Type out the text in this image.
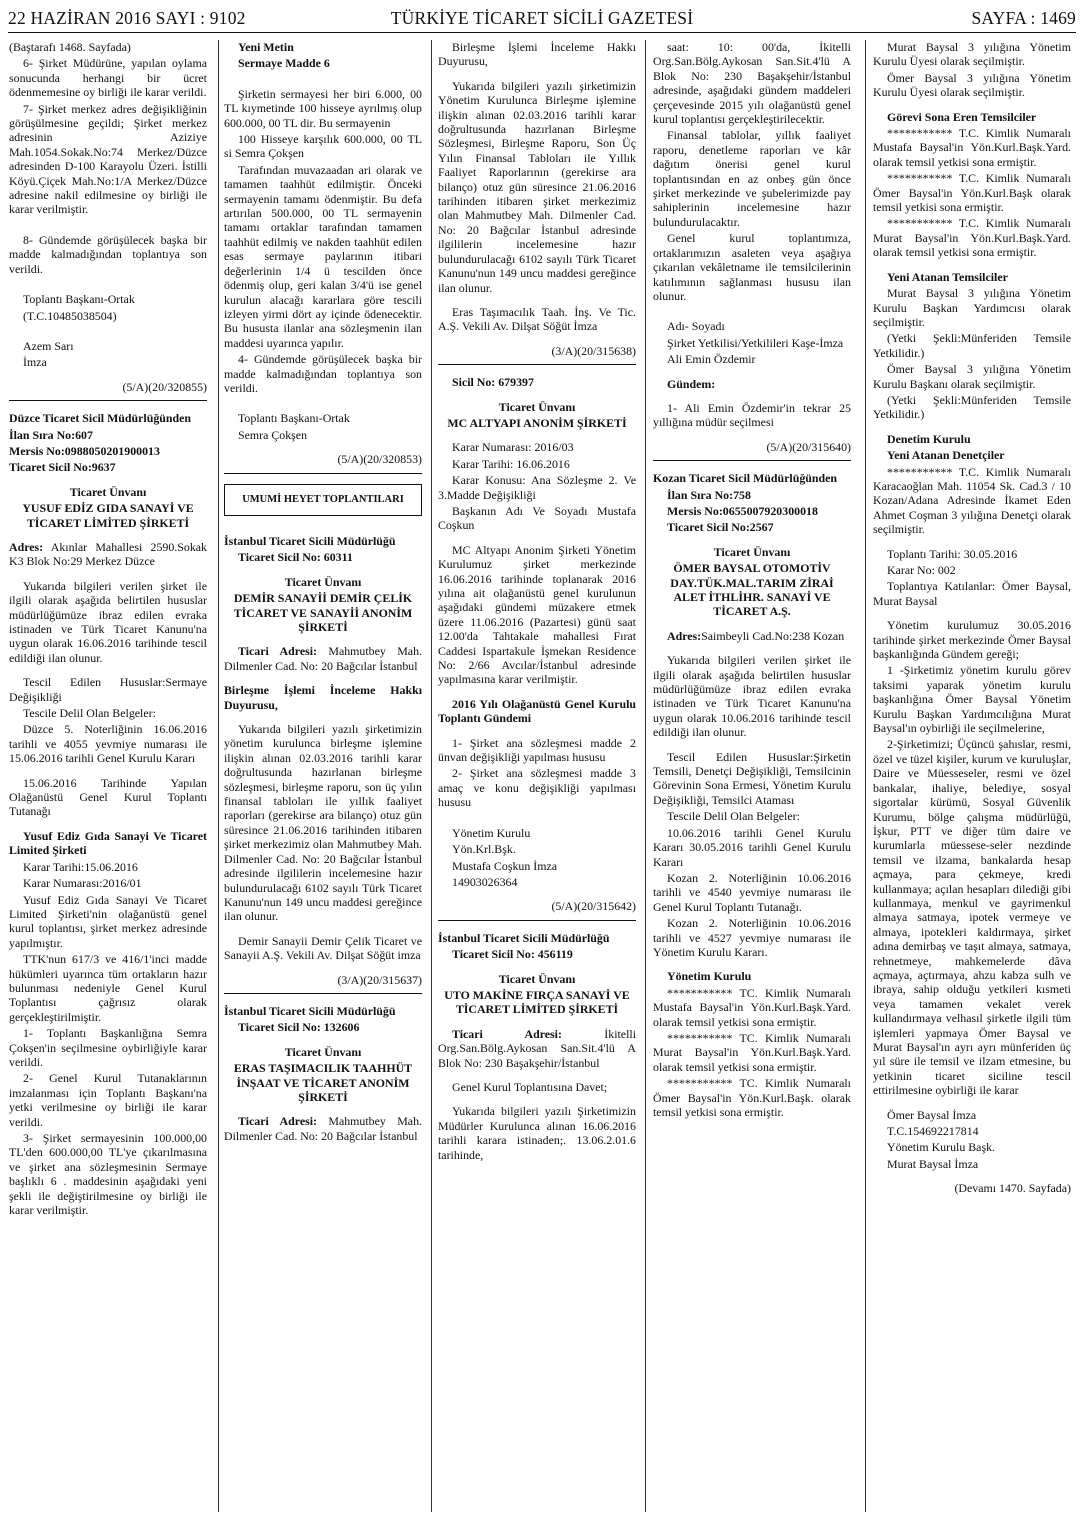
22 HAZİRAN 2016 SAYI : 9102	TÜRKİYE TİCARET SİCİLİ GAZETESİ	SAYFA : 1469

(Baştarafı 1468. Sayfada)

6- Şirket Müdürüne, yapılan oylama sonucunda herhangi bir ücret ödenmemesine oy birliği ile karar verildi.

7- Şirket merkez adres değişikliğinin görüşülmesine geçildi; Şirket merkez adresinin Aziziye Mah.1054.Sokak.No:74 Merkez/Düzce adresinden D-100 Karayolu Üzeri. İstilli Köyü.Çiçek Mah.No:1/A Merkez/Düzce adresine nakil edilmesine oy birliği ile karar verilmiştir.

8- Gündemde görüşülecek başka bir madde kalmadığından toplantıya son verildi.

Toplantı Başkanı-Ortak

(T.C.10485038504)

Azem Sarı

İmza

(5/A)(20/320855)

Düzce Ticaret Sicil Müdürlüğünden

İlan Sıra No:607

Mersis No:0988050201900013

Ticaret Sicil No:9637

Ticaret Ünvanı

YUSUF EDİZ GIDA SANAYİ VE TİCARET LİMİTED ŞİRKETİ

Adres: Akınlar Mahallesi 2590.Sokak K3 Blok No:29 Merkez Düzce

Yukarıda bilgileri verilen şirket ile ilgili olarak aşağıda belirtilen hususlar müdürlüğümüze ibraz edilen evraka istinaden ve Türk Ticaret Kanunu'na uygun olarak 16.06.2016 tarihinde tescil edildiği ilan olunur.

Tescil Edilen Hususlar:Sermaye Değişikliği

Tescile Delil Olan Belgeler:

Düzce 5. Noterliğinin 16.06.2016 tarihli ve 4055 yevmiye numarası ile 15.06.2016 tarihli Genel Kurulu Kararı

15.06.2016 Tarihinde Yapılan Olağanüstü Genel Kurul Toplantı Tutanağı

Yusuf Ediz Gıda Sanayi Ve Ticaret Limited Şirketi

Karar Tarihi:15.06.2016

Karar Numarası:2016/01

Yusuf Ediz Gıda Sanayi Ve Ticaret Limited Şirketi'nin olağanüstü genel kurul toplantısı, şirket merkez adresinde yapılmıştır.

TTK'nun 617/3 ve 416/1'inci madde hükümleri uyarınca tüm ortakların hazır bulunması nedeniyle Genel Kurul Toplantısı çağrısız olarak gerçekleştirilmiştir.

1- Toplantı Başkanlığına Semra Çokşen'in seçilmesine oybirliğiyle karar verildi.

2- Genel Kurul Tutanaklarının imzalanması için Toplantı Başkanı'na yetki verilmesine oy birliği ile karar verildi.

3- Şirket sermayesinin 100.000,00 TL'den 600.000,00 TL'ye çıkarılmasına ve şirket ana sözleşmesinin Sermaye başlıklı 6 . maddesinin aşağıdaki yeni şekli ile değiştirilmesine oy birliği ile karar verilmiştir.

Yeni Metin

Sermaye Madde 6

Şirketin sermayesi her biri 6.000, 00 TL kıymetinde 100 hisseye ayrılmış olup 600.000, 00 TL dir. Bu sermayenin

100 Hisseye karşılık 600.000, 00 TL si Semra Çokşen

Tarafından muvazaadan ari olarak ve tamamen taahhüt edilmiştir. Önceki sermayenin tamamı ödenmiştir. Bu defa artırılan 500.000, 00 TL sermayenin tamamı ortaklar tarafından tamamen taahhüt edilmiş ve nakden taahhüt edilen esas sermaye paylarının itibari değerlerinin 1/4 ü tescilden önce ödenmiş olup, geri kalan 3/4'ü ise genel kurulun alacağı kararlara göre tescili izleyen yirmi dört ay içinde ödenecektir. Bu hususta ilanlar ana sözleşmenin ilan maddesi uyarınca yapılır.

4- Gündemde görüşülecek başka bir madde kalmadığından toplantıya son verildi.

Toplantı Başkanı-Ortak

Semra Çokşen

(5/A)(20/320853)

UMUMİ HEYET TOPLANTILARI

İstanbul Ticaret Sicili Müdürlüğü

Ticaret Sicil No: 60311

Ticaret Ünvanı

DEMİR SANAYİİ DEMİR ÇELİK TİCARET VE SANAYİİ ANONİM ŞİRKETİ

Ticari Adresi: Mahmutbey Mah. Dilmenler Cad. No: 20 Bağcılar İstanbul

Birleşme İşlemi İnceleme Hakkı Duyurusu,

Yukarıda bilgileri yazılı şirketimizin yönetim kurulunca birleşme işlemine ilişkin alınan 02.03.2016 tarihli karar doğrultusunda hazırlanan birleşme sözleşmesi, birleşme raporu, son üç yılın finansal tabloları ile yıllık faaliyet raporları (gerekirse ara bilanço) otuz gün süresince 21.06.2016 tarihinden itibaren şirket merkezimiz olan Mahmutbey Mah. Dilmenler Cad. No: 20 Bağcılar İstanbul adresinde ilgililerin incelemesine hazır bulundurulacağı 6102 sayılı Türk Ticaret Kanunu'nun 149 uncu maddesi gereğince ilan olunur.

Demir Sanayii Demir Çelik Ticaret ve Sanayii A.Ş. Vekili Av. Dilşat Söğüt imza

(3/A)(20/315637)

İstanbul Ticaret Sicili Müdürlüğü

Ticaret Sicil No: 132606

Ticaret Ünvanı

ERAS TAŞIMACILIK TAAHHÜT İNŞAAT VE TİCARET ANONİM ŞİRKETİ

Ticari Adresi: Mahmutbey Mah. Dilmenler Cad. No: 20 Bağcılar İstanbul

Birleşme İşlemi İnceleme Hakkı Duyurusu,

Yukarıda bilgileri yazılı şirketimizin Yönetim Kurulunca Birleşme işlemine ilişkin alınan 02.03.2016 tarihli karar doğrultusunda hazırlanan Birleşme Sözleşmesi, Birleşme Raporu, Son Üç Yılın Finansal Tabloları ile Yıllık Faaliyet Raporlarının (gerekirse ara bilanço) otuz gün süresince 21.06.2016 tarihinden itibaren şirket merkezimiz olan Mahmutbey Mah. Dilmenler Cad. No: 20 Bağcılar İstanbul adresinde ilgililerin incelemesine hazır bulundurulacağı 6102 sayılı Türk Ticaret Kanunu'nun 149 uncu maddesi gereğince ilan olunur.

Eras Taşımacılık Taah. İnş. Ve Tic. A.Ş. Vekili Av. Dilşat Söğüt İmza

(3/A)(20/315638)

Sicil No: 679397

Ticaret Ünvanı

MC ALTYAPI ANONİM ŞİRKETİ

Karar Numarası: 2016/03

Karar Tarihi: 16.06.2016

Karar Konusu: Ana Sözleşme 2. Ve 3.Madde Değişikliği

Başkanın Adı Ve Soyadı Mustafa Coşkun

MC Altyapı Anonim Şirketi Yönetim Kurulumuz şirket merkezinde 16.06.2016 tarihinde toplanarak 2016 yılına ait olağanüstü genel kurulunun aşağıdaki gündemi müzakere etmek üzere 11.06.2016 (Pazartesi) günü saat 12.00'da Tahtakale mahallesi Fırat Caddesi Ispartakule İşmekan Residence No: 2/66 Avcılar/İstanbul adresinde yapılmasına karar verilmiştir.

2016 Yılı Olağanüstü Genel Kurulu Toplantı Gündemi

1- Şirket ana sözleşmesi madde 2 ünvan değişikliği yapılması hususu

2- Şirket ana sözleşmesi madde 3 amaç ve konu değişikliği yapılması hususu

Yönetim Kurulu

Yön.Krl.Bşk.

Mustafa Coşkun İmza

14903026364

(5/A)(20/315642)

İstanbul Ticaret Sicili Müdürlüğü

Ticaret Sicil No: 456119

Ticaret Ünvanı

UTO MAKİNE FIRÇA SANAYİ VE TİCARET LİMİTED ŞİRKETİ

Ticari Adresi: İkitelli Org.San.Bölg.Aykosan San.Sit.4'lü A Blok No: 230 Başakşehir/İstanbul

Genel Kurul Toplantısına Davet;

Yukarıda bilgileri yazılı Şirketimizin Müdürler Kurulunca alınan 16.06.2016 tarihli karara istinaden;. 13.06.2.01.6 tarihinde,

saat: 10: 00'da, İkitelli Org.San.Bölg.Aykosan San.Sit.4'lü A Blok No: 230 Başakşehir/İstanbul adresinde, aşağıdaki gündem maddeleri çerçevesinde 2015 yılı olağanüstü genel kurul toplantısı gerçekleştirilecektir.

Finansal tablolar, yıllık faaliyet raporu, denetleme raporları ve kâr dağıtım önerisi genel kurul toplantısından en az onbeş gün önce şirket merkezinde ve şubelerimizde pay sahiplerinin incelemesine hazır bulundurulacaktır.

Genel kurul toplantımıza, ortaklarımızın asaleten veya aşağıya çıkarılan vekâletname ile temsilcilerinin katılımının sağlanması hususu ilan olunur.

Adı- Soyadı

Şirket Yetkilisi/Yetkilileri Kaşe-İmza

Ali Emin Özdemir

Gündem:

1- Ali Emin Özdemir'in tekrar 25 yıllığına müdür seçilmesi

(5/A)(20/315640)

Kozan Ticaret Sicil Müdürlüğünden

İlan Sıra No:758

Mersis No:0655007920300018

Ticaret Sicil No:2567

Ticaret Ünvanı

ÖMER BAYSAL OTOMOTİV DAY.TÜK.MAL.TARIM ZİRAİ ALET İTHLİHR. SANAYİ VE TİCARET A.Ş.

Adres:Saimbeyli Cad.No:238 Kozan

Yukarıda bilgileri verilen şirket ile ilgili olarak aşağıda belirtilen hususlar müdürlüğümüze ibraz edilen evraka istinaden ve Türk Ticaret Kanunu'na uygun olarak 10.06.2016 tarihinde tescil edildiği ilan olunur.

Tescil Edilen Hususlar:Şirketin Temsili, Denetçi Değişikliği, Temsilcinin Görevinin Sona Ermesi, Yönetim Kurulu Değişikliği, Temsilci Ataması

Tescile Delil Olan Belgeler:

10.06.2016 tarihli Genel Kurulu Kararı 30.05.2016 tarihli Genel Kurulu Kararı

Kozan 2. Noterliğinin 10.06.2016 tarihli ve 4540 yevmiye numarası ile Genel Kurul Toplantı Tutanağı.

Kozan 2. Noterliğinin 10.06.2016 tarihli ve 4527 yevmiye numarası ile Yönetim Kurulu Kararı.

Yönetim Kurulu

*********** TC. Kimlik Numaralı Mustafa Baysal'in Yön.Kurl.Başk.Yard. olarak temsil yetkisi sona ermiştir.

*********** TC. Kimlik Numaralı Murat Baysal'in Yön.Kurl.Başk.Yard. olarak temsil yetkisi sona ermiştir.

*********** TC. Kimlik Numaralı Ömer Baysal'in Yön.Kurl.Başk. olarak temsil yetkisi sona ermiştir.

Murat Baysal 3 yılığına Yönetim Kurulu Üyesi olarak seçilmiştir.

Ömer Baysal 3 yılığına Yönetim Kurulu Üyesi olarak seçilmiştir.

Görevi Sona Eren Temsilciler

*********** T.C. Kimlik Numaralı Mustafa Baysal'in Yön.Kurl.Başk.Yard. olarak temsil yetkisi sona ermiştir.

*********** T.C. Kimlik Numaralı Ömer Baysal'in Yön.Kurl.Başk olarak temsil yetkisi sona ermiştir.

*********** T.C. Kimlik Numaralı Murat Baysal'in Yön.Kurl.Başk.Yard. olarak temsil yetkisi sona ermiştir.

Yeni Atanan Temsilciler

Murat Baysal 3 yılığına Yönetim Kurulu Başkan Yardımcısı olarak seçilmiştir.

(Yetki Şekli:Münferiden Temsile Yetkilidir.)

Ömer Baysal 3 yılığına Yönetim Kurulu Başkanı olarak seçilmiştir.

(Yetki Şekli:Münferiden Temsile Yetkilidir.)

Denetim Kurulu

Yeni Atanan Denetçiler

*********** T.C. Kimlik Numaralı Karacaoğlan Mah. 11054 Sk. Cad.3 / 10 Kozan/Adana Adresinde İkamet Eden Ahmet Coşman 3 yılığına Denetçi olarak seçilmiştir.

Toplantı Tarihi: 30.05.2016

Karar No: 002

Toplantıya Katılanlar: Ömer Baysal, Murat Baysal

Yönetim kurulumuz 30.05.2016 tarihinde şirket merkezinde Ömer Baysal başkanlığında Gündem gereği;

1 -Şirketimiz yönetim kurulu görev taksimi yaparak yönetim kurulu başkanlığına Ömer Baysal Yönetim Kurulu Başkan Yardımcılığına Murat Baysal'ın oybirliği ile seçilmelerine,

2-Şirketimizi; Üçüncü şahıslar, resmi, özel ve tüzel kişiler, kurum ve kuruluşlar, Daire ve Müesseseler, resmi ve özel bankalar, ihaliye, belediye, sosyal sigortalar kürümü, Sosyal Güvenlik Kurumu, bölge çalışma müdürlüğü, İşkur, PTT ve diğer tüm daire ve kurumlarla müessese-seler nezdinde temsil ve ilzama, bankalarda hesap açmaya, para çekmeye, kredi kullanmaya; açılan hesapları dilediği gibi kullanmaya, menkul ve gayrimenkul almaya satmaya, ipotek vermeye ve almaya, ipotekleri kaldırmaya, şirket adına demirbaş ve taşıt almaya, satmaya, rehnetmeye, mahkemelerde dâva açmaya, açtırmaya, ahzu kabza sulh ve ibraya, sahip olduğu yetkileri kısmeti veya tamamen vekalet verek kullandırmaya velhasıl şirketle ilgili tüm işlemleri yapmaya Ömer Baysal ve Murat Baysal'ın ayrı ayrı münferiden üç yıl süre ile temsil ve ilzam etmesine, bu yetkinin ticaret siciline tescil ettirilmesine oybirliği ile karar

Ömer Baysal İmza

T.C.154692217814

Yönetim Kurulu Başk.

Murat Baysal İmza

(Devamı 1470. Sayfada)
